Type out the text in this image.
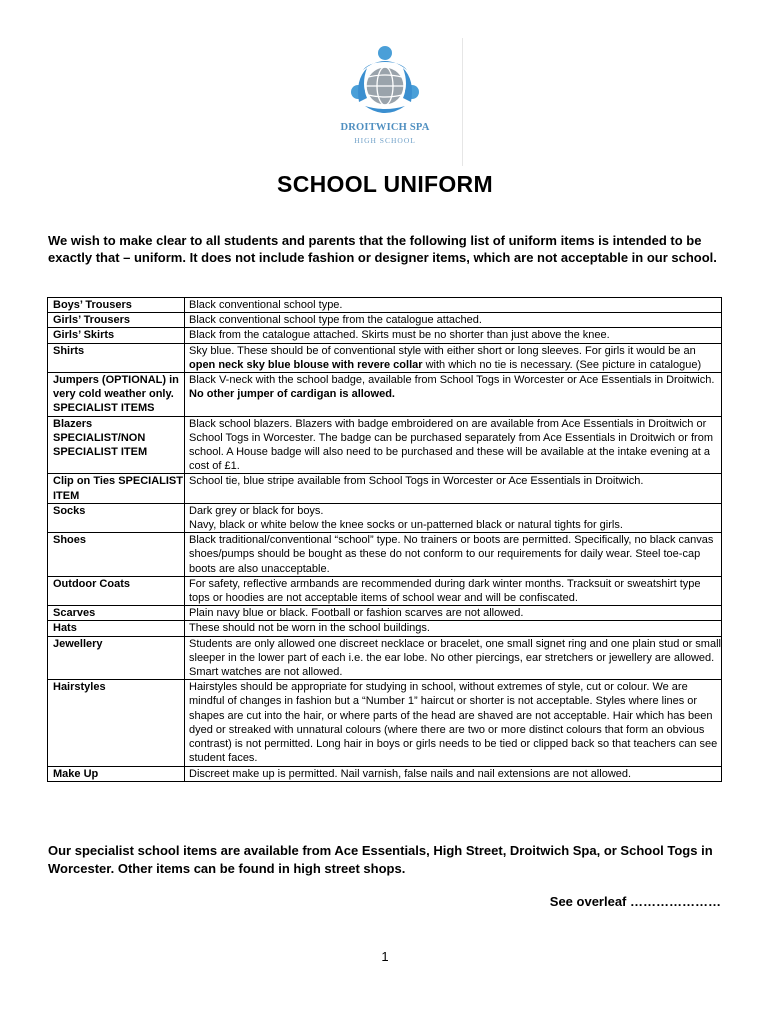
DROITWICH SPA
HIGH SCHOOL
SCHOOL UNIFORM
We wish to make clear to all students and parents that the following list of uniform items is intended to be exactly that – uniform. It does not include fashion or designer items, which are not acceptable in our school.
Boys’ Trousers	Black conventional school type.
Girls’ Trousers	Black conventional school type from the catalogue attached.
Girls’ Skirts	Black from the catalogue attached. Skirts must be no shorter than just above the knee.
Shirts	Sky blue. These should be of conventional style with either short or long sleeves. For girls it would be an open neck sky blue blouse with revere collar with which no tie is necessary. (See picture in catalogue)
Jumpers (OPTIONAL) in very cold weather only. SPECIALIST ITEMS	Black V-neck with the school badge, available from School Togs in Worcester or Ace Essentials in Droitwich. No other jumper of cardigan is allowed.
Blazers SPECIALIST/NON SPECIALIST ITEM	Black school blazers. Blazers with badge embroidered on are available from Ace Essentials in Droitwich or School Togs in Worcester. The badge can be purchased separately from Ace Essentials in Droitwich or from school. A House badge will also need to be purchased and these will be available at the intake evening at a cost of £1.
Clip on Ties SPECIALIST ITEM	School tie, blue stripe available from School Togs in Worcester or Ace Essentials in Droitwich.
Socks	Dark grey or black for boys.
Navy, black or white below the knee socks or un-patterned black or natural tights for girls.
Shoes	Black traditional/conventional “school” type. No trainers or boots are permitted. Specifically, no black canvas shoes/pumps should be bought as these do not conform to our requirements for daily wear. Steel toe-cap boots are also unacceptable.
Outdoor Coats	For safety, reflective armbands are recommended during dark winter months. Tracksuit or sweatshirt type tops or hoodies are not acceptable items of school wear and will be confiscated.
Scarves	Plain navy blue or black. Football or fashion scarves are not allowed.
Hats	These should not be worn in the school buildings.
Jewellery	Students are only allowed one discreet necklace or bracelet, one small signet ring and one plain stud or small sleeper in the lower part of each i.e. the ear lobe. No other piercings, ear stretchers or jewellery are allowed. Smart watches are not allowed.
Hairstyles	Hairstyles should be appropriate for studying in school, without extremes of style, cut or colour. We are mindful of changes in fashion but a “Number 1” haircut or shorter is not acceptable. Styles where lines or shapes are cut into the hair, or where parts of the head are shaved are not acceptable. Hair which has been dyed or streaked with unnatural colours (where there are two or more distinct colours that form an obvious contrast) is not permitted. Long hair in boys or girls needs to be tied or clipped back so that teachers can see student faces.
Make Up	Discreet make up is permitted. Nail varnish, false nails and nail extensions are not allowed.
Our specialist school items are available from Ace Essentials, High Street, Droitwich Spa, or School Togs in Worcester. Other items can be found in high street shops.
See overleaf …………………
1
